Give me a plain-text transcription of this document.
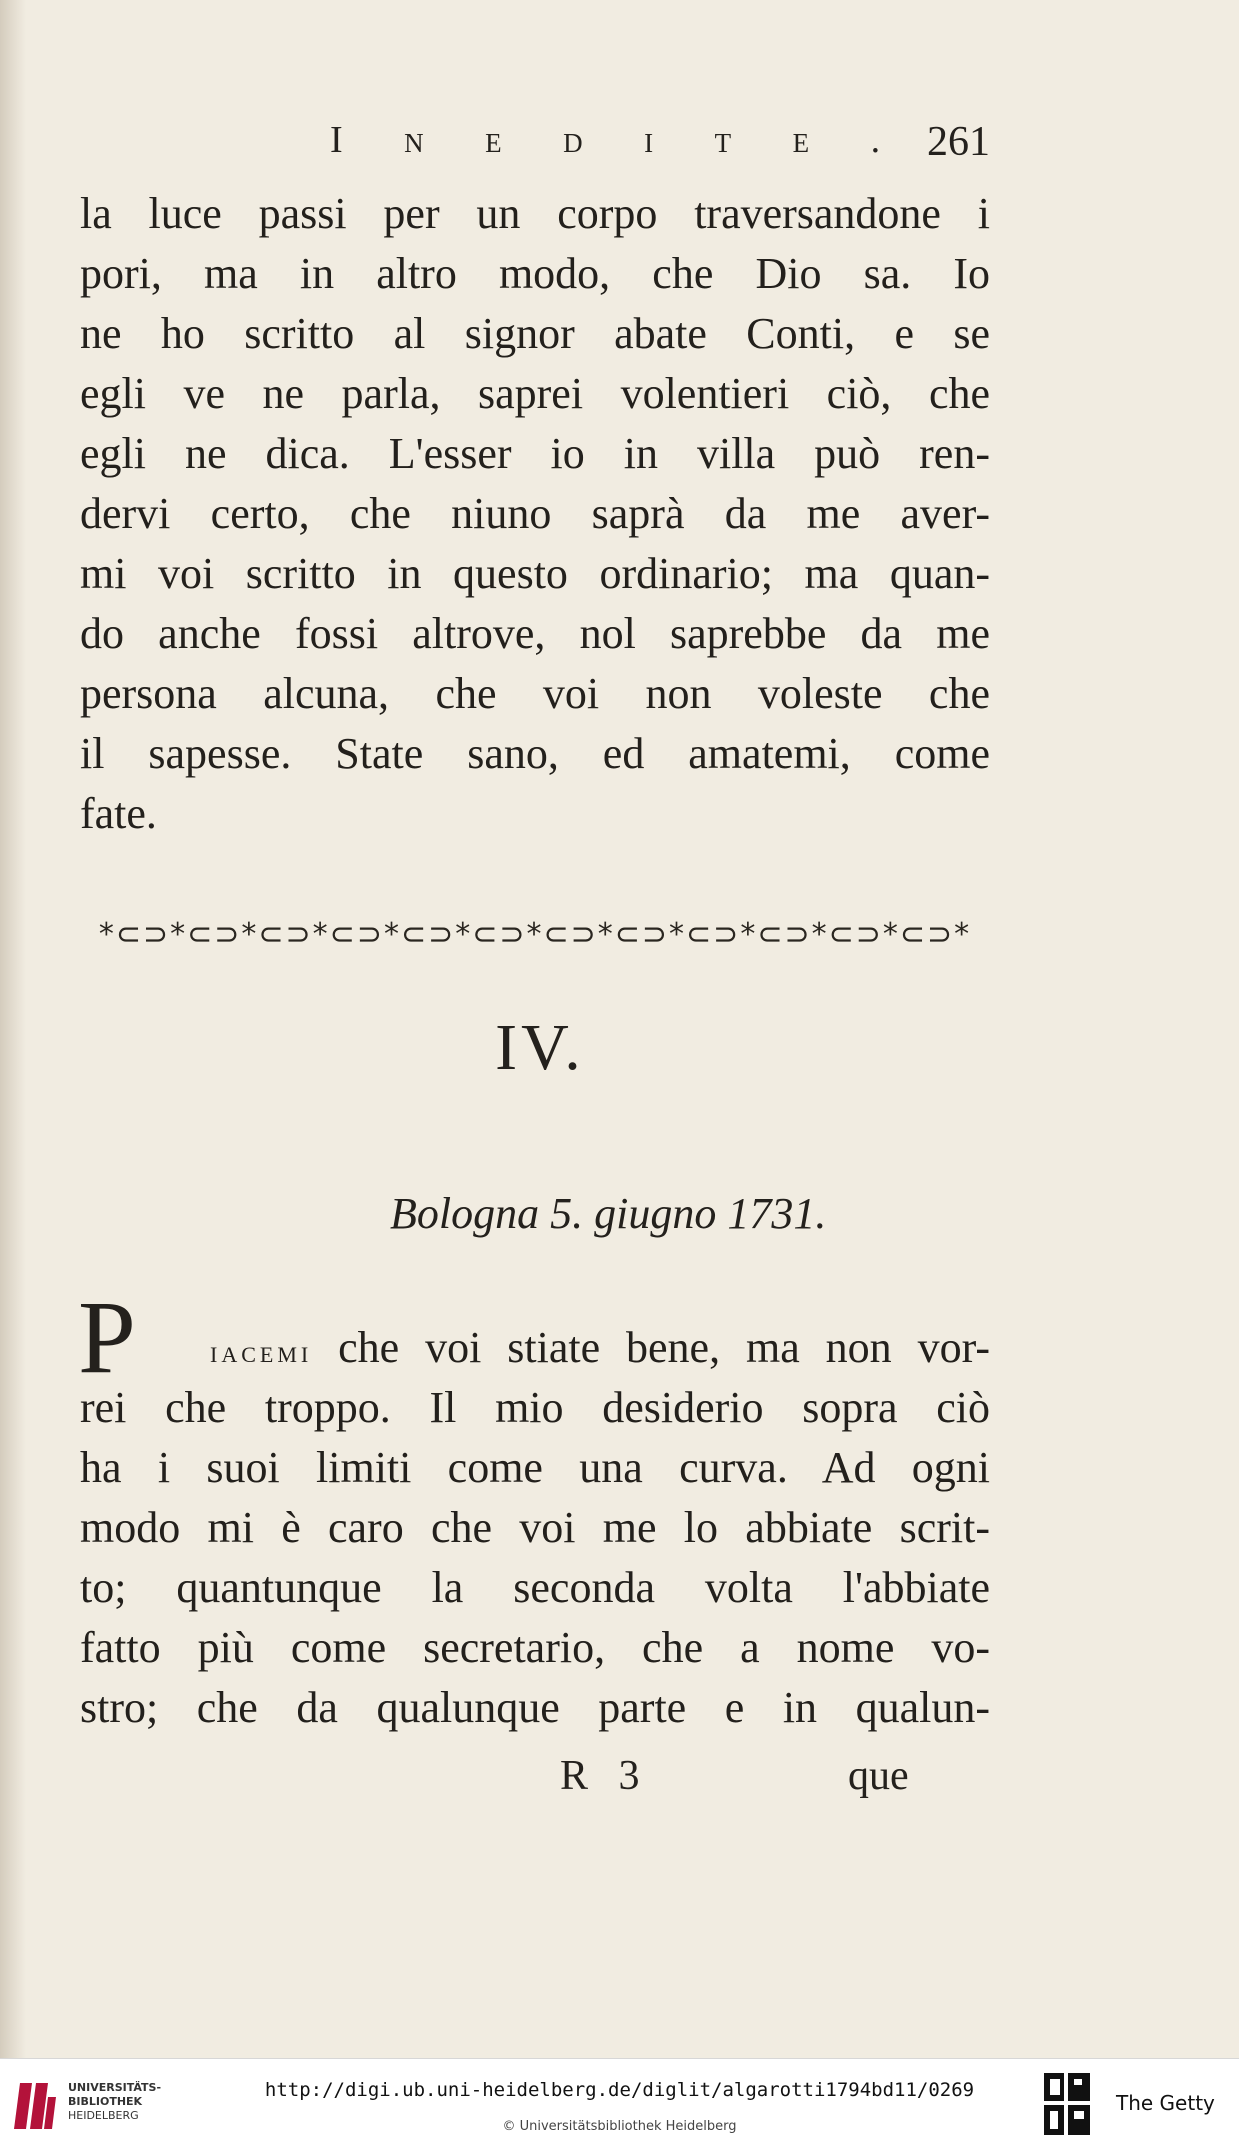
I n e d i t e . 261
la luce passi per un corpo traversandone i
pori, ma in altro modo, che Dio sa. Io
ne ho scritto al signor abate Conti, e se
egli ve ne parla, saprei volentieri ciò, che
egli ne dica. L'esser io in villa può ren-
dervi certo, che niuno saprà da me aver-
mi voi scritto in questo ordinario; ma quan-
do anche fossi altrove, nol saprebbe da me
persona alcuna, che voi non voleste che
il sapesse. State sano, ed amatemi, come
fate.
*⊂⊃*⊂⊃*⊂⊃*⊂⊃*⊂⊃*⊂⊃*⊂⊃*⊂⊃*⊂⊃*⊂⊃*⊂⊃*⊂⊃*
IV.
Bologna 5. giugno 1731.
P iacemi che voi stiate bene, ma non vor-
rei che troppo. Il mio desiderio sopra ciò
ha i suoi limiti come una curva. Ad ogni
modo mi è caro che voi me lo abbiate scrit-
to; quantunque la seconda volta l'abbiate
fatto più come secretario, che a nome vo-
stro; che da qualunque parte e in qualun-
R 3	que
UNIVERSITÄTS-
BIBLIOTHEK
HEIDELBERG
http://digi.ub.uni-heidelberg.de/diglit/algarotti1794bd11/0269
© Universitätsbibliothek Heidelberg
The Getty
